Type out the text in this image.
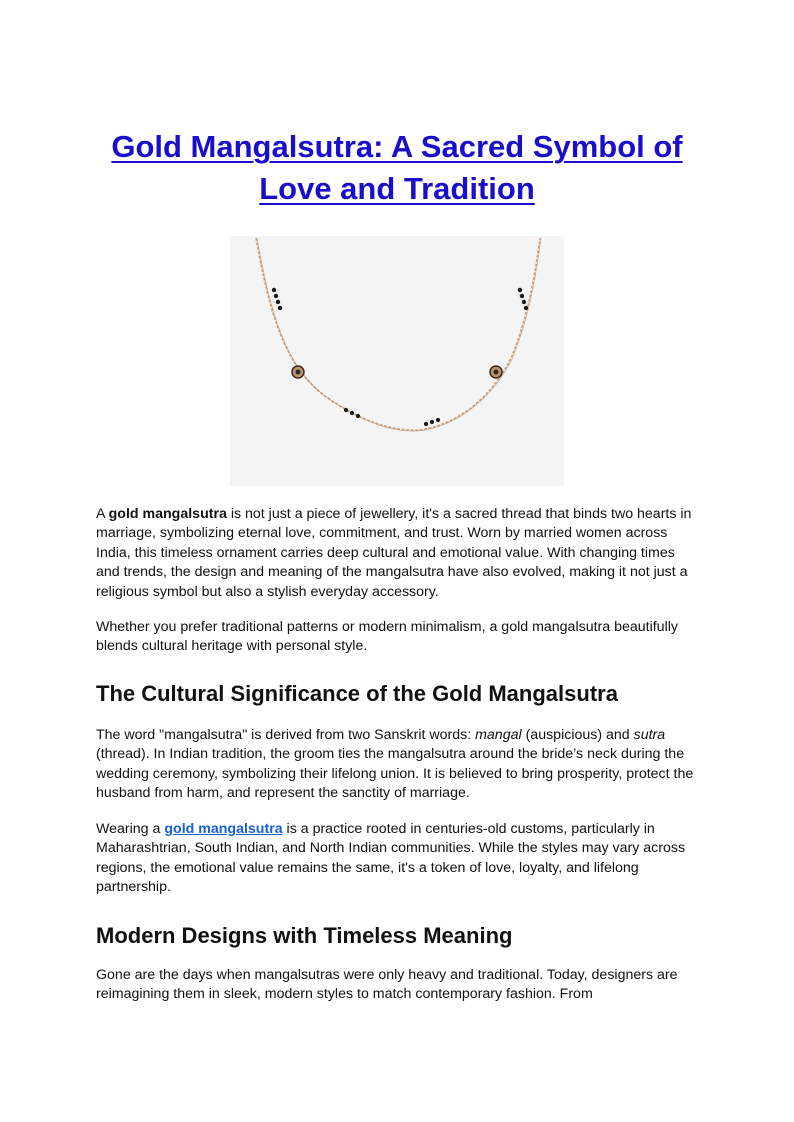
Gold Mangalsutra: A Sacred Symbol of
Love and Tradition

A gold mangalsutra is not just a piece of jewellery, it's a sacred thread that binds two hearts in marriage, symbolizing eternal love, commitment, and trust. Worn by married women across India, this timeless ornament carries deep cultural and emotional value. With changing times and trends, the design and meaning of the mangalsutra have also evolved, making it not just a religious symbol but also a stylish everyday accessory.

Whether you prefer traditional patterns or modern minimalism, a gold mangalsutra beautifully blends cultural heritage with personal style.

The Cultural Significance of the Gold Mangalsutra

The word "mangalsutra" is derived from two Sanskrit words: mangal (auspicious) and sutra (thread). In Indian tradition, the groom ties the mangalsutra around the bride’s neck during the wedding ceremony, symbolizing their lifelong union. It is believed to bring prosperity, protect the husband from harm, and represent the sanctity of marriage.

Wearing a gold mangalsutra is a practice rooted in centuries-old customs, particularly in Maharashtrian, South Indian, and North Indian communities. While the styles may vary across regions, the emotional value remains the same, it's a token of love, loyalty, and lifelong partnership.

Modern Designs with Timeless Meaning

Gone are the days when mangalsutras were only heavy and traditional. Today, designers are reimagining them in sleek, modern styles to match contemporary fashion. From
